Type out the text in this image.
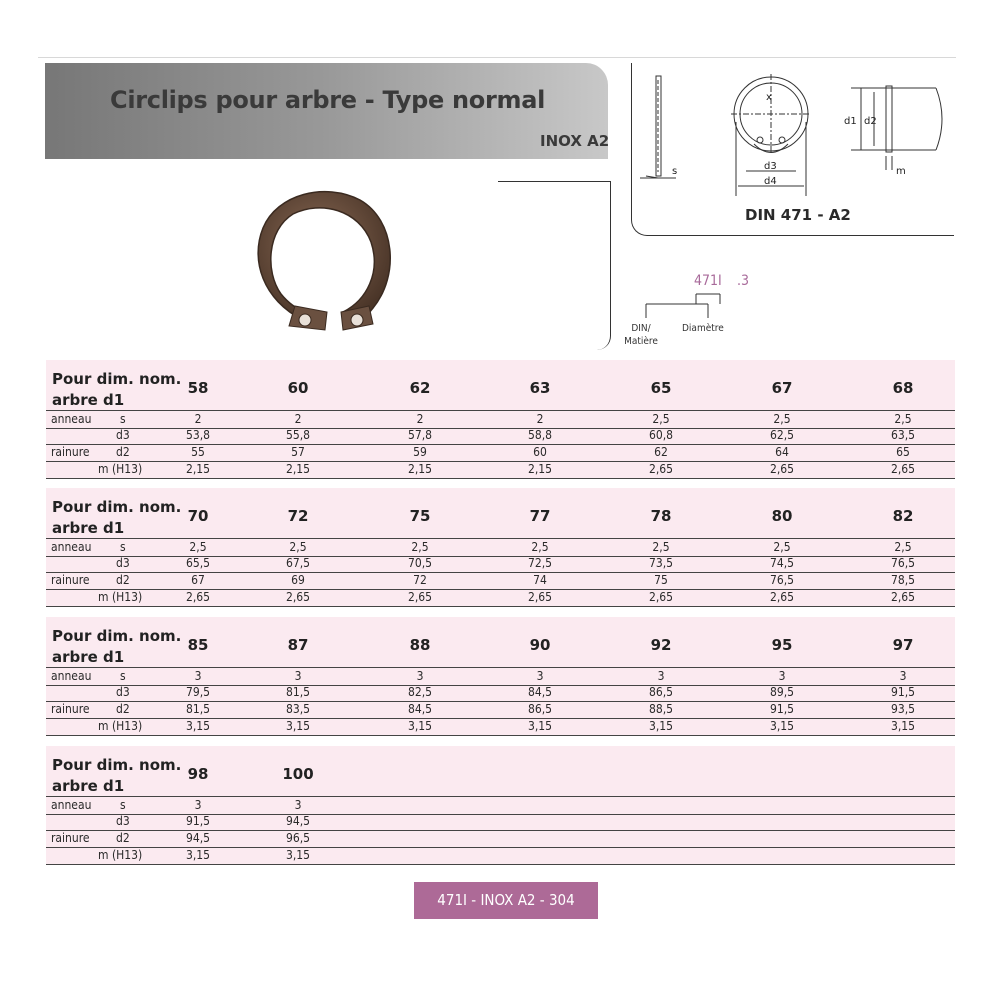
Circlips pour arbre - Type normal
INOX A2
s
x
d3
d4
d1 d2
m
DIN 471 - A2
471I .3
DIN/
Matière
Diamètre
Pour dim. nom.
arbre d1
58	60	62	63	65	67	68
anneau s	2	2	2	2	2,5	2,5	2,5
d3	53,8	55,8	57,8	58,8	60,8	62,5	63,5
rainure d2	55	57	59	60	62	64	65
m (H13)	2,15	2,15	2,15	2,15	2,65	2,65	2,65
Pour dim. nom.
arbre d1
70	72	75	77	78	80	82
anneau s	2,5	2,5	2,5	2,5	2,5	2,5	2,5
d3	65,5	67,5	70,5	72,5	73,5	74,5	76,5
rainure d2	67	69	72	74	75	76,5	78,5
m (H13)	2,65	2,65	2,65	2,65	2,65	2,65	2,65
Pour dim. nom.
arbre d1
85	87	88	90	92	95	97
anneau s	3	3	3	3	3	3	3
d3	79,5	81,5	82,5	84,5	86,5	89,5	91,5
rainure d2	81,5	83,5	84,5	86,5	88,5	91,5	93,5
m (H13)	3,15	3,15	3,15	3,15	3,15	3,15	3,15
Pour dim. nom.
arbre d1
98	100
anneau s	3	3
d3	91,5	94,5
rainure d2	94,5	96,5
m (H13)	3,15	3,15
471I - INOX A2 - 304
